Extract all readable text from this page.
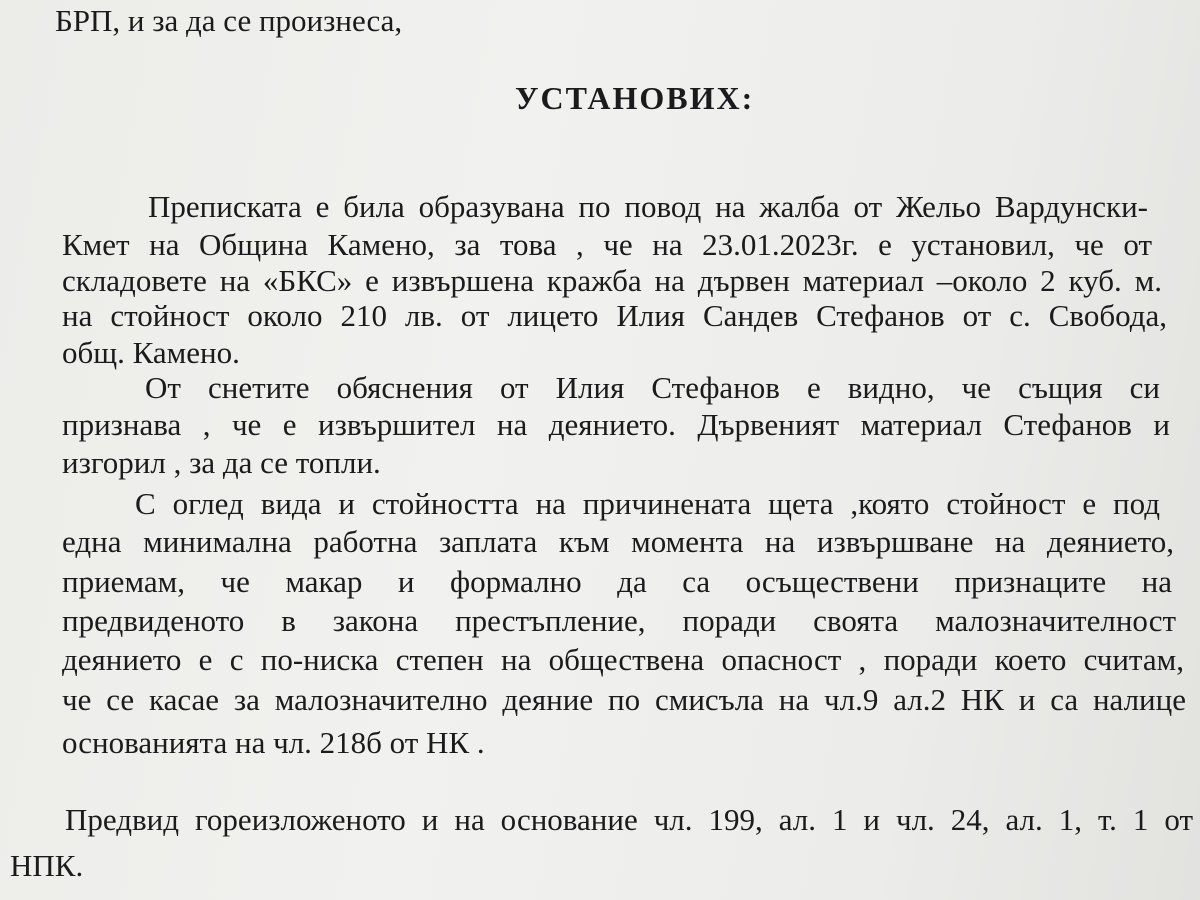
БРП, и за да се произнеса,
УСТАНОВИХ:
Преписката е била образувана по повод на жалба от Жельо Вардунски-
Кмет на Община Камено, за това , че на 23.01.2023г. е установил, че от
складовете на «БКС» е извършена кражба на дървен материал –около 2 куб. м.
на стойност около 210 лв. от лицето Илия Сандев Стефанов от с. Свобода,
общ. Камено.
От снетите обяснения от Илия Стефанов е видно, че същия си
признава , че е извършител на деянието. Дървеният материал Стефанов и
изгорил , за да се топли.
С оглед вида и стойността на причинената щета ,която стойност е под
една минимална работна заплата към момента на извършване на деянието,
приемам, че макар и формално да са осъществени признаците на
предвиденото в закона престъпление, поради своята малозначителност
деянието е с по-ниска степен на обществена опасност , поради което считам,
че се касае за малозначително деяние по смисъла на чл.9 ал.2 НК и са налице
основанията на чл. 218б от НК .
Предвид гореизложеното и на основание чл. 199, ал. 1 и чл. 24, ал. 1, т. 1 от
НПК.
